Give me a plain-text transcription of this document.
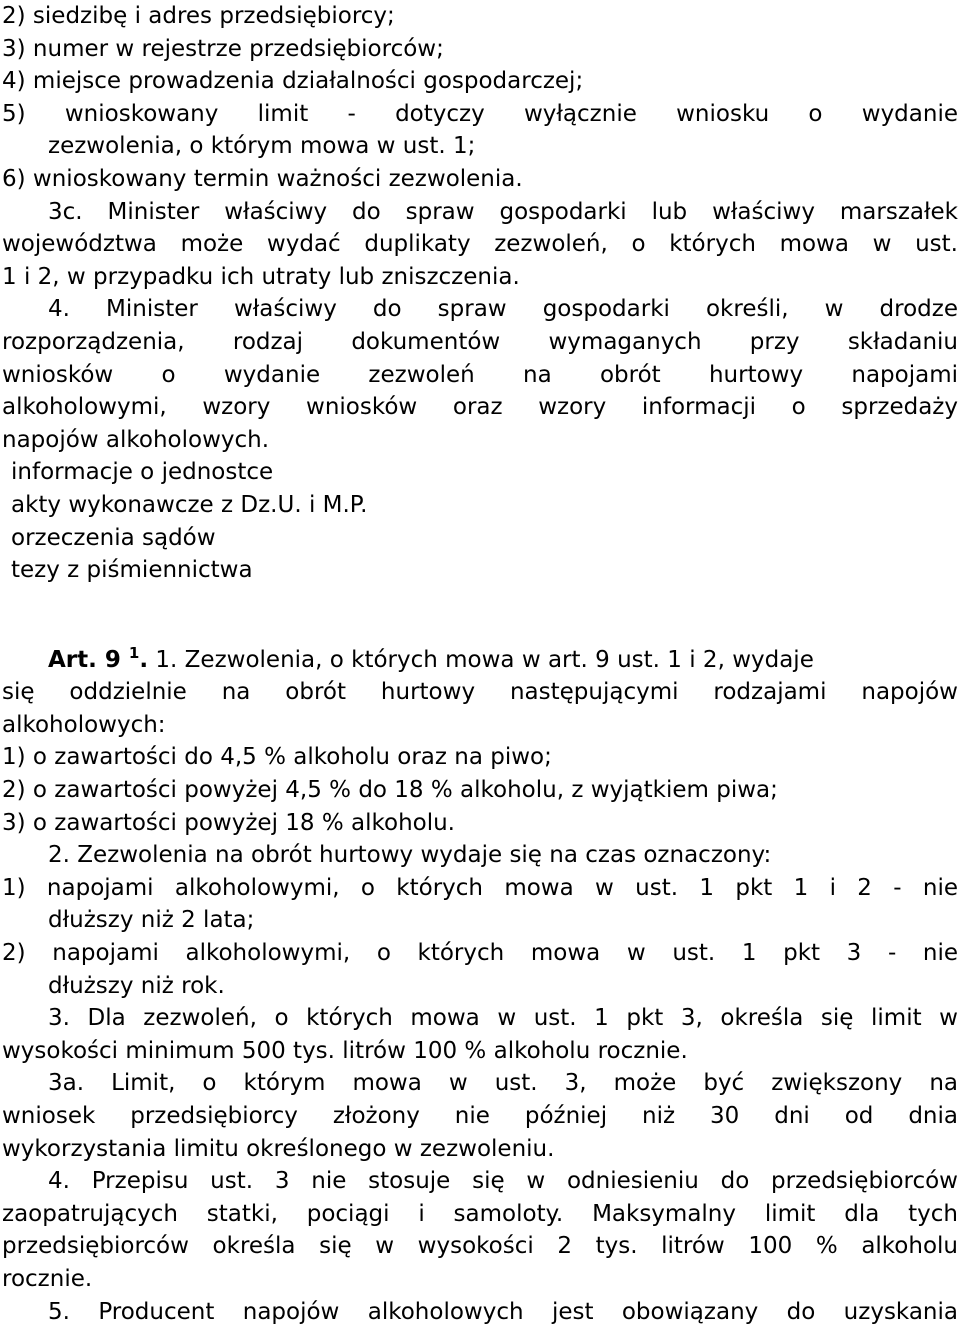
2) siedzibę i adres przedsiębiorcy;
3) numer w rejestrze przedsiębiorców;
4) miejsce prowadzenia działalności gospodarczej;
5) wnioskowany limit - dotyczy wyłącznie wniosku o wydanie
zezwolenia, o którym mowa w ust. 1;
6) wnioskowany termin ważności zezwolenia.
3c. Minister właściwy do spraw gospodarki lub właściwy marszałek
województwa może wydać duplikaty zezwoleń, o których mowa w ust.
1 i 2, w przypadku ich utraty lub zniszczenia.
4. Minister właściwy do spraw gospodarki określi, w drodze
rozporządzenia, rodzaj dokumentów wymaganych przy składaniu
wniosków o wydanie zezwoleń na obrót hurtowy napojami
alkoholowymi, wzory wniosków oraz wzory informacji o sprzedaży
napojów alkoholowych.
informacje o jednostce
akty wykonawcze z Dz.U. i M.P.
orzeczenia sądów
tezy z piśmiennictwa
Art. 9 $^1$. 1. Zezwolenia, o których mowa w art. 9 ust. 1 i 2, wydaje
się oddzielnie na obrót hurtowy następującymi rodzajami napojów
alkoholowych:
1) o zawartości do 4,5 % alkoholu oraz na piwo;
2) o zawartości powyżej 4,5 % do 18 % alkoholu, z wyjątkiem piwa;
3) o zawartości powyżej 18 % alkoholu.
2. Zezwolenia na obrót hurtowy wydaje się na czas oznaczony:
1) napojami alkoholowymi, o których mowa w ust. 1 pkt 1 i 2 - nie
dłuższy niż 2 lata;
2) napojami alkoholowymi, o których mowa w ust. 1 pkt 3 - nie
dłuższy niż rok.
3. Dla zezwoleń, o których mowa w ust. 1 pkt 3, określa się limit w
wysokości minimum 500 tys. litrów 100 % alkoholu rocznie.
3a. Limit, o którym mowa w ust. 3, może być zwiększony na
wniosek przedsiębiorcy złożony nie później niż 30 dni od dnia
wykorzystania limitu określonego w zezwoleniu.
4. Przepisu ust. 3 nie stosuje się w odniesieniu do przedsiębiorców
zaopatrujących statki, pociągi i samoloty. Maksymalny limit dla tych
przedsiębiorców określa się w wysokości 2 tys. litrów 100 % alkoholu
rocznie.
5. Producent napojów alkoholowych jest obowiązany do uzyskania
